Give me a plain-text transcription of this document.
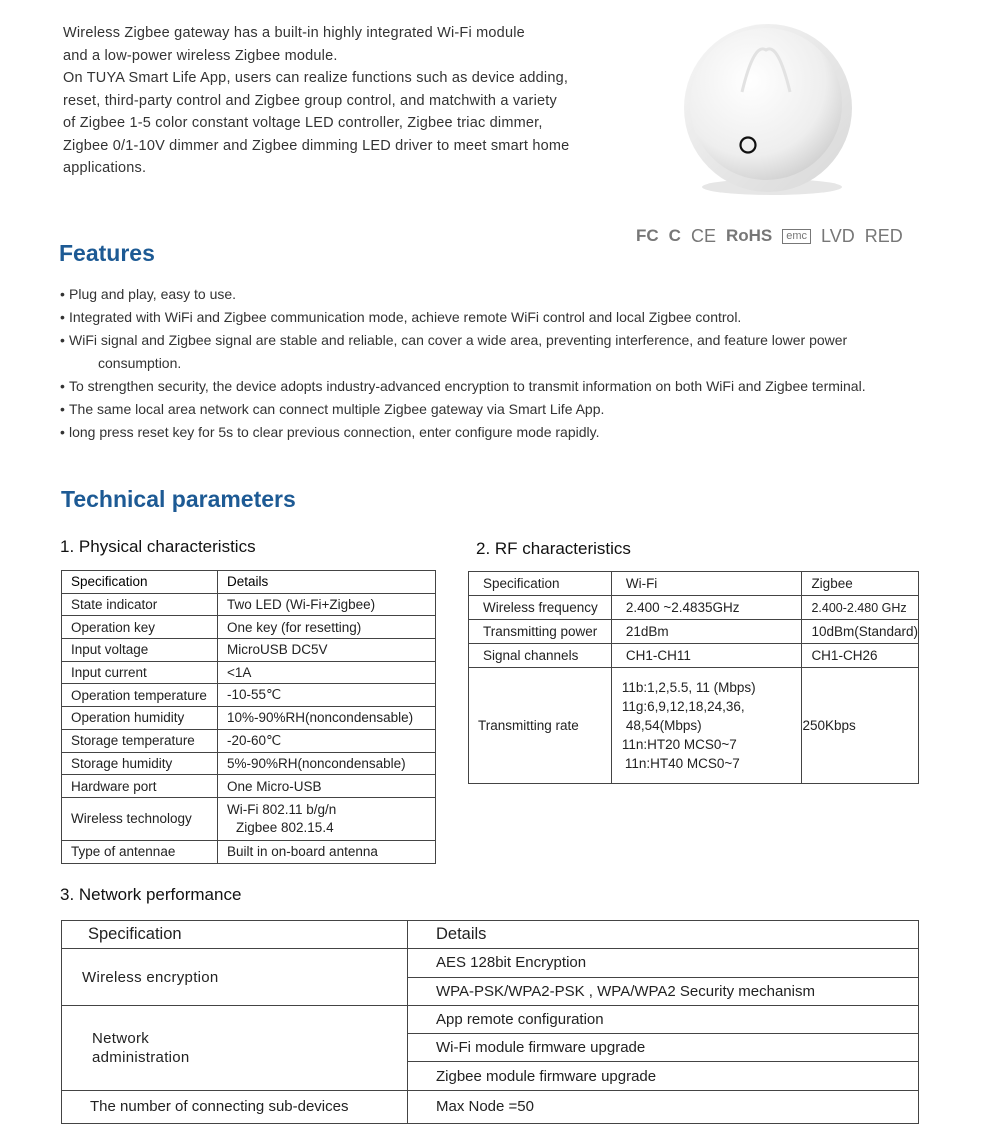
Wireless Zigbee gateway has a built-in highly integrated Wi-Fi module
and a low-power wireless Zigbee module.
On TUYA Smart Life App, users can realize functions such as device adding,
reset, third-party control and Zigbee group control, and matchwith a variety
of Zigbee 1-5 color constant voltage LED controller, Zigbee triac dimmer,
Zigbee 0/1-10V dimmer and Zigbee dimming LED driver to meet smart home
applications.
FC C CE RoHS	emc LVD RED
Features
• Plug and play, easy to use.
• Integrated with WiFi and Zigbee communication mode, achieve remote WiFi control and local Zigbee control.
• WiFi signal and Zigbee signal are stable and reliable, can cover a wide area, preventing interference, and feature lower power
consumption.
• To strengthen security, the device adopts industry-advanced encryption to transmit information on both WiFi and Zigbee terminal.
• The same local area network can connect multiple Zigbee gateway via Smart Life App.
• long press reset key for 5s to clear previous connection, enter configure mode rapidly.
Technical parameters
1. Physical characteristics
Specification	Details
State indicator	Two LED (Wi-Fi+Zigbee)
Operation key	One key (for resetting)
Input voltage	MicroUSB DC5V
Input current	<1A
Operation temperature	-10-55℃
Operation humidity	10%-90%RH(noncondensable)
Storage temperature	-20-60℃
Storage humidity	5%-90%RH(noncondensable)
Hardware port	One Micro-USB
Wireless technology	Wi-Fi 802.11 b/g/n
Zigbee 802.15.4

Type of antennae	Built in on-board antenna
2. RF characteristics
Specification	Wi-Fi	Zigbee
Wireless frequency	2.400 ~2.4835GHz	2.400-2.480 GHz
Transmitting power	21dBm	10dBm(Standard)
Signal channels	CH1-CH11	CH1-CH26
Transmitting rate	11b:1,2,5.5, 11 (Mbps)
11g:6,9,12,18,24,36,
48,54(Mbps)
11n:HT20 MCS0~7
11n:HT40 MCS0~7	250Kbps
3. Network performance
Specification	Details
Wireless encryption	AES 128bit Encryption
	WPA-PSK/WPA2-PSK , WPA/WPA2 Security mechanism

Network
administration	App remote configuration
	Wi-Fi module firmware upgrade
	Zigbee module firmware upgrade
The number of connecting sub-devices	Max Node =50
